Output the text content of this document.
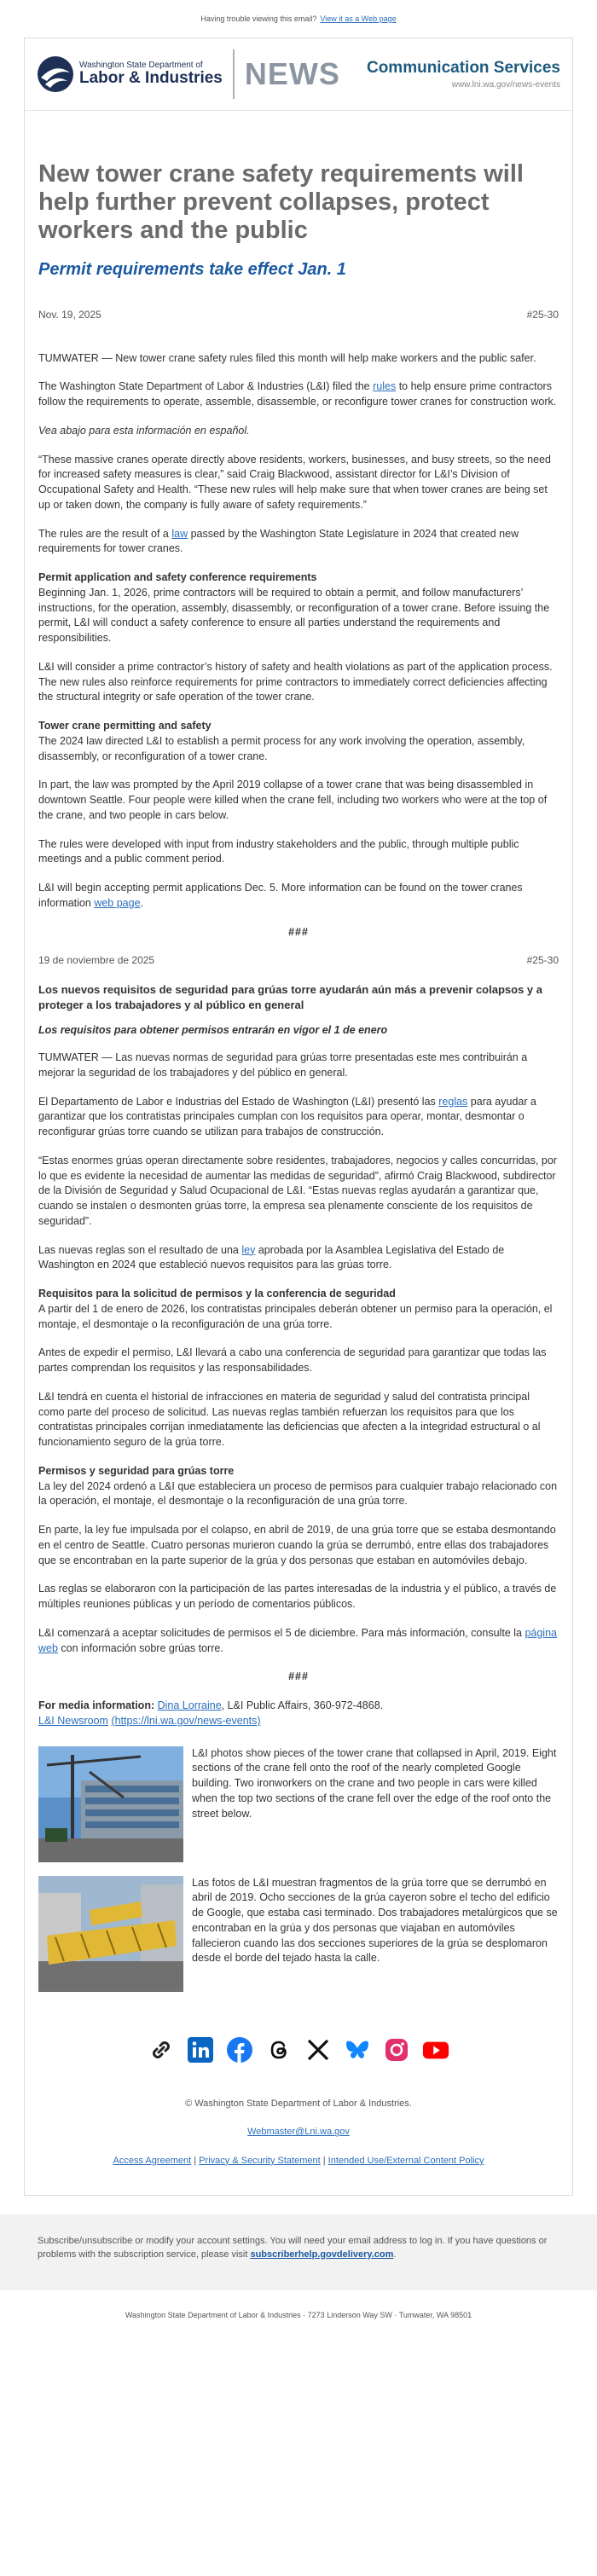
Having trouble viewing this email? View it as a Web page
Washington State Department of
Labor & Industries NEWS Communication Services
www.lni.wa.gov/news-events
New tower crane safety requirements will help further prevent collapses, protect workers and the public
Permit requirements take effect Jan. 1
Nov. 19, 2025	#25-30

TUMWATER — New tower crane safety rules filed this month will help make workers and the public safer.

The Washington State Department of Labor & Industries (L&I) filed the rules to help ensure prime contractors follow the requirements to operate, assemble, disassemble, or reconfigure tower cranes for construction work.

Vea abajo para esta información en español.

“These massive cranes operate directly above residents, workers, businesses, and busy streets, so the need for increased safety measures is clear,” said Craig Blackwood, assistant director for L&I’s Division of Occupational Safety and Health. “These new rules will help make sure that when tower cranes are being set up or taken down, the company is fully aware of safety requirements.”

The rules are the result of a law passed by the Washington State Legislature in 2024 that created new requirements for tower cranes.

Permit application and safety conference requirements
Beginning Jan. 1, 2026, prime contractors will be required to obtain a permit, and follow manufacturers’ instructions, for the operation, assembly, disassembly, or reconfiguration of a tower crane. Before issuing the permit, L&I will conduct a safety conference to ensure all parties understand the requirements and responsibilities.

L&I will consider a prime contractor’s history of safety and health violations as part of the application process. The new rules also reinforce requirements for prime contractors to immediately correct deficiencies affecting the structural integrity or safe operation of the tower crane.

Tower crane permitting and safety
The 2024 law directed L&I to establish a permit process for any work involving the operation, assembly, disassembly, or reconfiguration of a tower crane.

In part, the law was prompted by the April 2019 collapse of a tower crane that was being disassembled in downtown Seattle. Four people were killed when the crane fell, including two workers who were at the top of the crane, and two people in cars below.

The rules were developed with input from industry stakeholders and the public, through multiple public meetings and a public comment period.

L&I will begin accepting permit applications Dec. 5. More information can be found on the tower cranes information web page.

###
19 de noviembre de 2025	#25-30
Los nuevos requisitos de seguridad para grúas torre ayudarán aún más a prevenir colapsos y a proteger a los trabajadores y al público en general
Los requisitos para obtener permisos entrarán en vigor el 1 de enero

TUMWATER — Las nuevas normas de seguridad para grúas torre presentadas este mes contribuirán a mejorar la seguridad de los trabajadores y del público en general.

El Departamento de Labor e Industrias del Estado de Washington (L&I) presentó las reglas para ayudar a garantizar que los contratistas principales cumplan con los requisitos para operar, montar, desmontar o reconfigurar grúas torre cuando se utilizan para trabajos de construcción.

“Estas enormes grúas operan directamente sobre residentes, trabajadores, negocios y calles concurridas, por lo que es evidente la necesidad de aumentar las medidas de seguridad”, afirmó Craig Blackwood, subdirector de la División de Seguridad y Salud Ocupacional de L&I. “Estas nuevas reglas ayudarán a garantizar que, cuando se instalen o desmonten grúas torre, la empresa sea plenamente consciente de los requisitos de seguridad”.

Las nuevas reglas son el resultado de una ley aprobada por la Asamblea Legislativa del Estado de Washington en 2024 que estableció nuevos requisitos para las grúas torre.

Requisitos para la solicitud de permisos y la conferencia de seguridad
A partir del 1 de enero de 2026, los contratistas principales deberán obtener un permiso para la operación, el montaje, el desmontaje o la reconfiguración de una grúa torre.

Antes de expedir el permiso, L&I llevará a cabo una conferencia de seguridad para garantizar que todas las partes comprendan los requisitos y las responsabilidades.

L&I tendrá en cuenta el historial de infracciones en materia de seguridad y salud del contratista principal como parte del proceso de solicitud. Las nuevas reglas también refuerzan los requisitos para que los contratistas principales corrijan inmediatamente las deficiencias que afecten a la integridad estructural o al funcionamiento seguro de la grúa torre.

Permisos y seguridad para grúas torre
La ley del 2024 ordenó a L&I que estableciera un proceso de permisos para cualquier trabajo relacionado con la operación, el montaje, el desmontaje o la reconfiguración de una grúa torre.

En parte, la ley fue impulsada por el colapso, en abril de 2019, de una grúa torre que se estaba desmontando en el centro de Seattle. Cuatro personas murieron cuando la grúa se derrumbó, entre ellas dos trabajadores que se encontraban en la parte superior de la grúa y dos personas que estaban en automóviles debajo.

Las reglas se elaboraron con la participación de las partes interesadas de la industria y el público, a través de múltiples reuniones públicas y un período de comentarios públicos.

L&I comenzará a aceptar solicitudes de permisos el 5 de diciembre. Para más información, consulte la página web con información sobre grúas torre.

###
For media information: Dina Lorraine, L&I Public Affairs, 360-972-4868.
L&I Newsroom (https://lni.wa.gov/news-events)
L&I photos show pieces of the tower crane that collapsed in April, 2019. Eight sections of the crane fell onto the roof of the nearly completed Google building. Two ironworkers on the crane and two people in cars were killed when the top two sections of the crane fell over the edge of the roof onto the street below.
Las fotos de L&I muestran fragmentos de la grúa torre que se derrumbó en abril de 2019. Ocho secciones de la grúa cayeron sobre el techo del edificio de Google, que estaba casi terminado. Dos trabajadores metalúrgicos que se encontraban en la grúa y dos personas que viajaban en automóviles fallecieron cuando las dos secciones superiores de la grúa se desplomaron desde el borde del tejado hasta la calle.

© Washington State Department of Labor & Industries.

Webmaster@Lni.wa.gov

Access Agreement | Privacy & Security Statement | Intended Use/External Content Policy

Subscribe/unsubscribe or modify your account settings. You will need your email address to log in. If you have questions or problems with the subscription service, please visit subscriberhelp.govdelivery.com.
Washington State Department of Labor & Industries · 7273 Linderson Way SW · Tumwater, WA 98501
